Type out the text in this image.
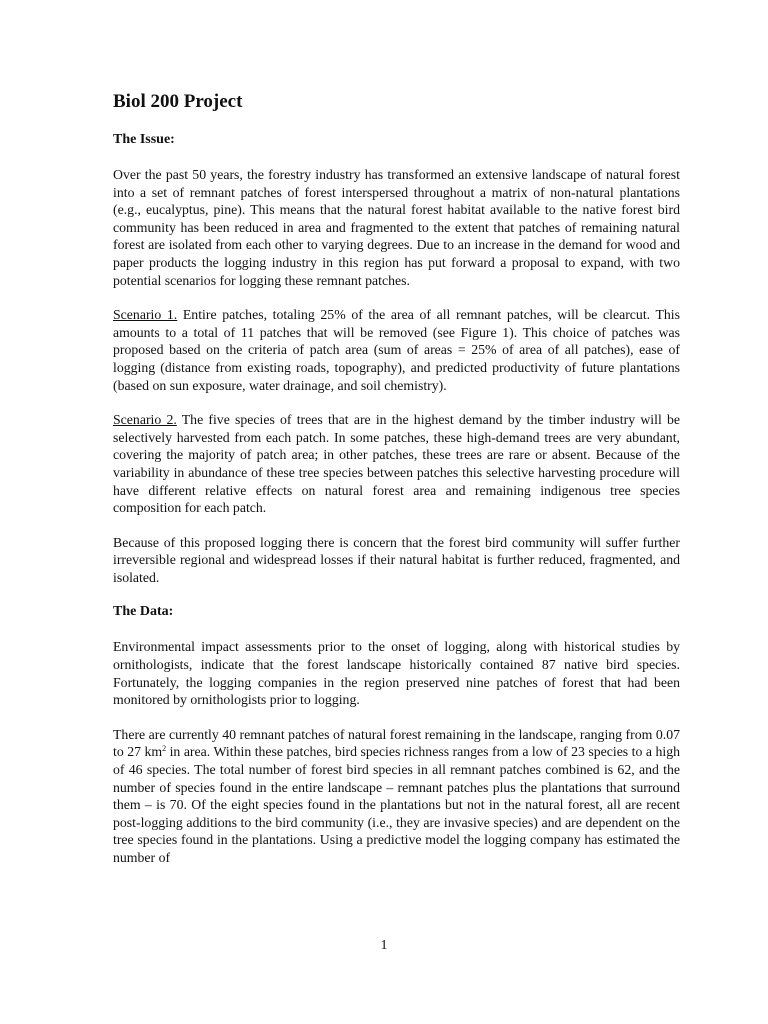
Biol 200 Project
The Issue:

Over the past 50 years, the forestry industry has transformed an extensive landscape of natural forest into a set of remnant patches of forest interspersed throughout a matrix of non-natural plantations (e.g., eucalyptus, pine). This means that the natural forest habitat available to the native forest bird community has been reduced in area and fragmented to the extent that patches of remaining natural forest are isolated from each other to varying degrees. Due to an increase in the demand for wood and paper products the logging industry in this region has put forward a proposal to expand, with two potential scenarios for logging these remnant patches.

Scenario 1. Entire patches, totaling 25% of the area of all remnant patches, will be clearcut. This amounts to a total of 11 patches that will be removed (see Figure 1). This choice of patches was proposed based on the criteria of patch area (sum of areas = 25% of area of all patches), ease of logging (distance from existing roads, topography), and predicted productivity of future plantations (based on sun exposure, water drainage, and soil chemistry).

Scenario 2. The five species of trees that are in the highest demand by the timber industry will be selectively harvested from each patch. In some patches, these high-demand trees are very abundant, covering the majority of patch area; in other patches, these trees are rare or absent. Because of the variability in abundance of these tree species between patches this selective harvesting procedure will have different relative effects on natural forest area and remaining indigenous tree species composition for each patch.

Because of this proposed logging there is concern that the forest bird community will suffer further irreversible regional and widespread losses if their natural habitat is further reduced, fragmented, and isolated.

The Data:

Environmental impact assessments prior to the onset of logging, along with historical studies by ornithologists, indicate that the forest landscape historically contained 87 native bird species. Fortunately, the logging companies in the region preserved nine patches of forest that had been monitored by ornithologists prior to logging.

There are currently 40 remnant patches of natural forest remaining in the landscape, ranging from 0.07 to 27 $km^2$ in area. Within these patches, bird species richness ranges from a low of 23 species to a high of 46 species. The total number of forest bird species in all remnant patches combined is 62, and the number of species found in the entire landscape – remnant patches plus the plantations that surround them – is 70. Of the eight species found in the plantations but not in the natural forest, all are recent post-logging additions to the bird community (i.e., they are invasive species) and are dependent on the tree species found in the plantations. Using a predictive model the logging company has estimated the number of

1
